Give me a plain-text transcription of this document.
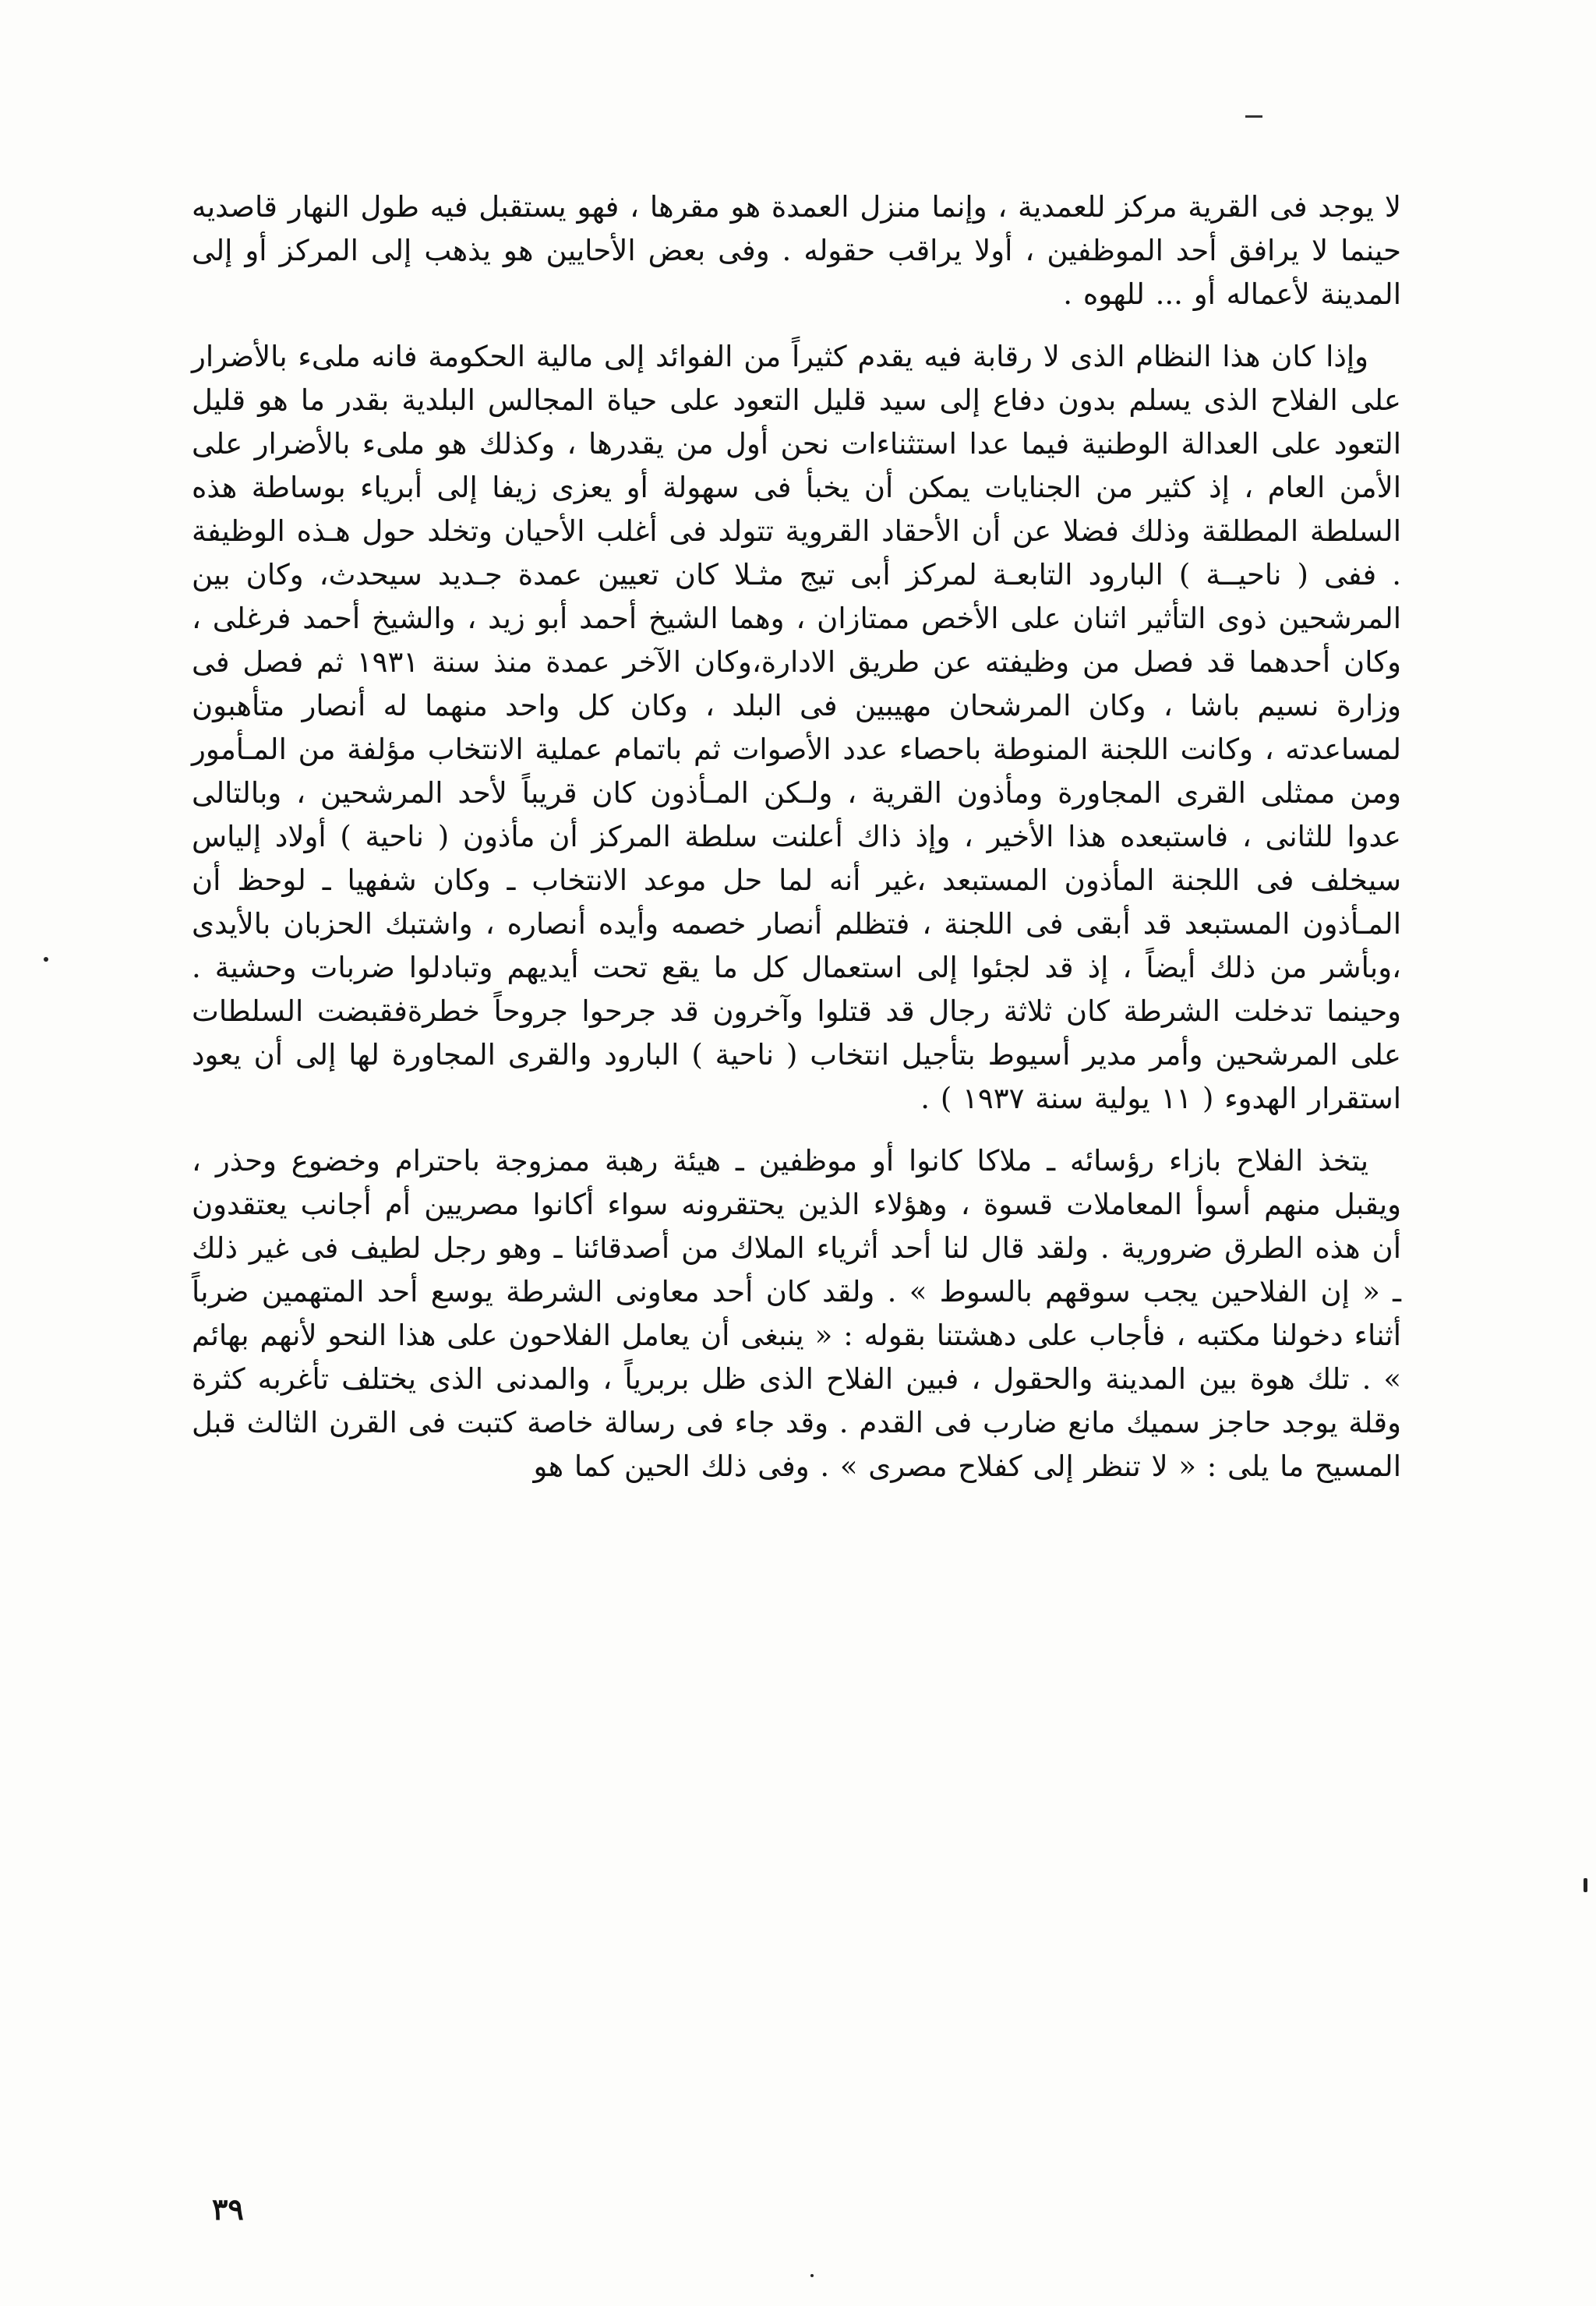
لا يوجد فى القرية مركز للعمدية ، وإنما منزل العمدة هو مقرها ، فهو يستقبل فيه طول النهار قاصديه حينما لا يرافق أحد الموظفين ، أولا يراقب حقوله . وفى بعض الأحايين هو يذهب إلى المركز أو إلى المدينة لأعماله أو ... للهوه .

وإذا كان هذا النظام الذى لا رقابة فيه يقدم كثيراً من الفوائد إلى مالية الحكومة فانه ملىء بالأضرار على الفلاح الذى يسلم بدون دفاع إلى سيد قليل التعود على حياة المجالس البلدية بقدر ما هو قليل التعود على العدالة الوطنية فيما عدا استثناءات نحن أول من يقدرها ، وكذلك هو ملىء بالأضرار على الأمن العام ، إذ كثير من الجنايات يمكن أن يخبأ فى سهولة أو يعزى زيفا إلى أبرياء بوساطة هذه السلطة المطلقة وذلك فضلا عن أن الأحقاد القروية تتولد فى أغلب الأحيان وتخلد حول هـذه الوظيفة . ففى ( ناحيــة ) البارود التابعـة لمركز أبى تيج مثـلا كان تعيين عمدة جـديد سيحدث، وكان بين المرشحين ذوى التأثير اثنان على الأخص ممتازان ، وهما الشيخ أحمد أبو زيد ، والشيخ أحمد فرغلى ، وكان أحدهما قد فصل من وظيفته عن طريق الادارة،وكان الآخر عمدة منذ سنة ١٩٣١ ثم فصل فى وزارة نسيم باشا ، وكان المرشحان مهيبين فى البلد ، وكان كل واحد منهما له أنصار متأهبون لمساعدته ، وكانت اللجنة المنوطة باحصاء عدد الأصوات ثم باتمام عملية الانتخاب مؤلفة من المـأمور ومن ممثلى القرى المجاورة ومأذون القرية ، ولـكن المـأذون كان قريباً لأحد المرشحين ، وبالتالى عدوا للثانى ، فاستبعده هذا الأخير ، وإذ ذاك أعلنت سلطة المركز أن مأذون ( ناحية ) أولاد إلياس سيخلف فى اللجنة المأذون المستبعد ،غير أنه لما حل موعد الانتخاب ـ وكان شفهيا ـ لوحظ أن المـأذون المستبعد قد أبقى فى اللجنة ، فتظلم أنصار خصمه وأيده أنصاره ، واشتبك الحزبان بالأيدى ،وبأشر من ذلك أيضاً ، إذ قد لجئوا إلى استعمال كل ما يقع تحت أيديهم وتبادلوا ضربات وحشية . وحينما تدخلت الشرطة كان ثلاثة رجال قد قتلوا وآخرون قد جرحوا جروحاً خطرةفقبضت السلطات على المرشحين وأمر مدير أسيوط بتأجيل انتخاب ( ناحية ) البارود والقرى المجاورة لها إلى أن يعود استقرار الهدوء ( ١١ يولية سنة ١٩٣٧ ) .

يتخذ الفلاح بازاء رؤسائه ـ ملاكا كانوا أو موظفين ـ هيئة رهبة ممزوجة باحترام وخضوع وحذر ، ويقبل منهم أسوأ المعاملات قسوة ، وهؤلاء الذين يحتقرونه سواء أكانوا مصريين أم أجانب يعتقدون أن هذه الطرق ضرورية . ولقد قال لنا أحد أثرياء الملاك من أصدقائنا ـ وهو رجل لطيف فى غير ذلك ـ « إن الفلاحين يجب سوقهم بالسوط » . ولقد كان أحد معاونى الشرطة يوسع أحد المتهمين ضرباً أثناء دخولنا مكتبه ، فأجاب على دهشتنا بقوله : « ينبغى أن يعامل الفلاحون على هذا النحو لأنهم بهائم » . تلك هوة بين المدينة والحقول ، فبين الفلاح الذى ظل بربرياً ، والمدنى الذى يختلف تأغربه كثرة وقلة يوجد حاجز سميك مانع ضارب فى القدم . وقد جاء فى رسالة خاصة كتبت فى القرن الثالث قبل المسيح ما يلى : « لا تنظر إلى كفلاح مصرى » . وفى ذلك الحين كما هو

٣٩
